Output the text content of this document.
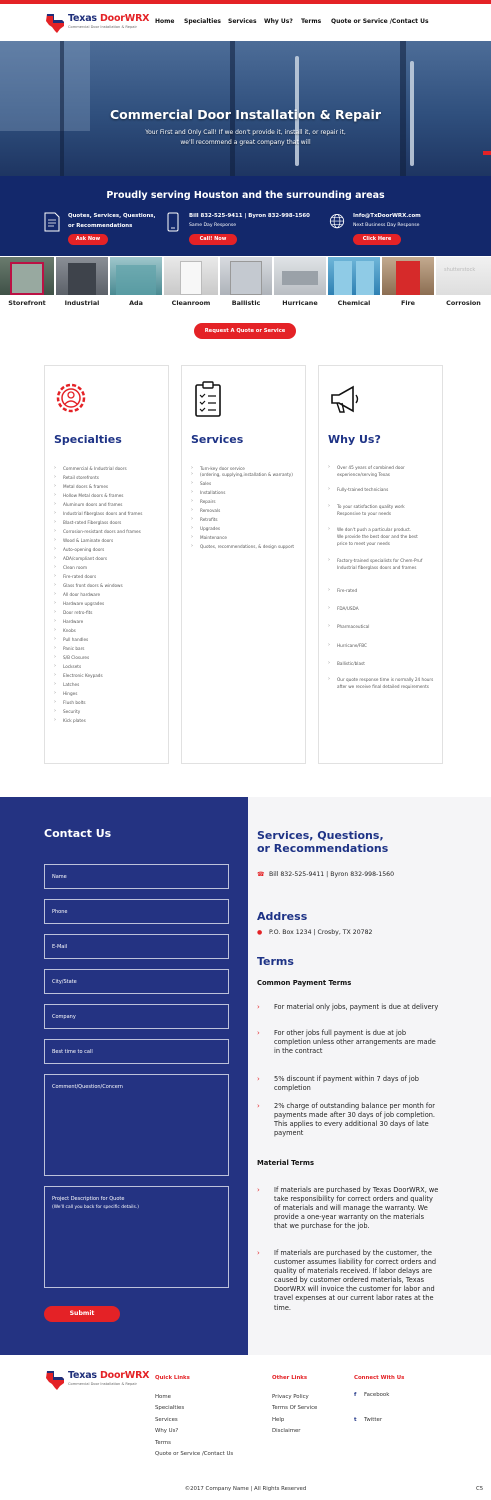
Texas DoorWRX
Commercial Door Installation & Repair
Home Specialties Services Why Us? Terms Quote or Service /Contact Us
Commercial Door Installation & Repair

Your First and Only Call! If we don't provide it, install it, or repair it,

we'll recommend a great company that will

Proudly serving Houston and the surrounding areas
Quotes, Services, Questions,
or Recommendations
Ask Now
Bill 832-525-9411 | Byron 832-998-1560
Same Day Response
Call! Now
Info@TxDoorWRX.com
Next Business Day Response
Click Here
shutterstock
Storefront	Industrial	Ada	Cleanroom	Ballistic	Hurricane	Chemical	Fire	Corrosion
Request A Quote or Service
Specialties
› Commercial & Industrial doors
› Retail storefronts
› Metal doors & frames
› Hollow Metal doors & frames
› Aluminum doors and frames
› Industrial fiberglass doors and frames
› Blast-rated Fiberglass doors
› Corrosion-resistant doors and frames
› Wood & Laminate doors
› Auto-opening doors
› ADA/compliant doors
› Clean room
› Fire-rated doors
› Glass front doors & windows
› All door hardware
› Hardware upgrades
› Door retro-fits
› Hardware
› Knobs
› Pull handles
› Panic bars
› S/B Closures
› Locksets
› Electronic Keypads
› Latches
› Hinges
› Flush bolts
› Security
› Kick plates
Services
› Turn-key door service
› (ordering, supplying,installation & warranty)
› Sales
› Installations
› Repairs
› Removals
› Retrofits
› Upgrades
› Maintenance
› Quotes, recommendations, & design support
Why Us?
› Over 45 years of combined door experience/serving Texas
› Fully-trained technicians
› To your satisfaction quality work Responsive to your needs
› We don't push a particular product. We provide the best door and the best price to meet your needs
› Factory-trained specialists for Chem-Pruf Industrial fiberglass doors and frames
› Fire-rated
› FDA/USDA
› Pharmaceutical
› Hurricane/FBC
› Ballistic/blast
› Our quote response time is normally 24 hours after we receive final detailed requirements
Contact Us
Name
Phone
E-Mail
City/State
Company
Best time to call
Comment/Question/Concern
Project Description for Quote
(We'll call you back for specific details.)
Submit
Services, Questions,
or Recommendations
☎ Bill 832-525-9411 | Byron 832-998-1560
Address
● P.O. Box 1234 | Crosby, TX 20782
Terms
Common Payment Terms
› For material only jobs, payment is due at delivery
› For other jobs full payment is due at job completion unless other arrangements are made in the contract
› 5% discount if payment within 7 days of job completion
› 2% charge of outstanding balance per month for payments made after 30 days of job completion. This applies to every additional 30 days of late payment
Material Terms
› If materials are purchased by Texas DoorWRX, we take responsibility for correct orders and quality of materials and will manage the warranty. We provide a one-year warranty on the materials that we purchase for the job.
› If materials are purchased by the customer, the customer assumes liability for correct orders and quality of materials received. If labor delays are caused by customer ordered materials, Texas DoorWRX will invoice the customer for labor and travel expenses at our current labor rates at the time.
Texas DoorWRX
Commercial Door Installation & Repair
Quick Links
Home
Specialties
Services
Why Us?
Terms
Quote or Service /Contact Us
Other Links
Privacy Policy
Terms Of Service
Help
Disclaimer
Connect With Us
f Facebook
t Twitter
©2017 Company Name | All Rights Reserved	C5
